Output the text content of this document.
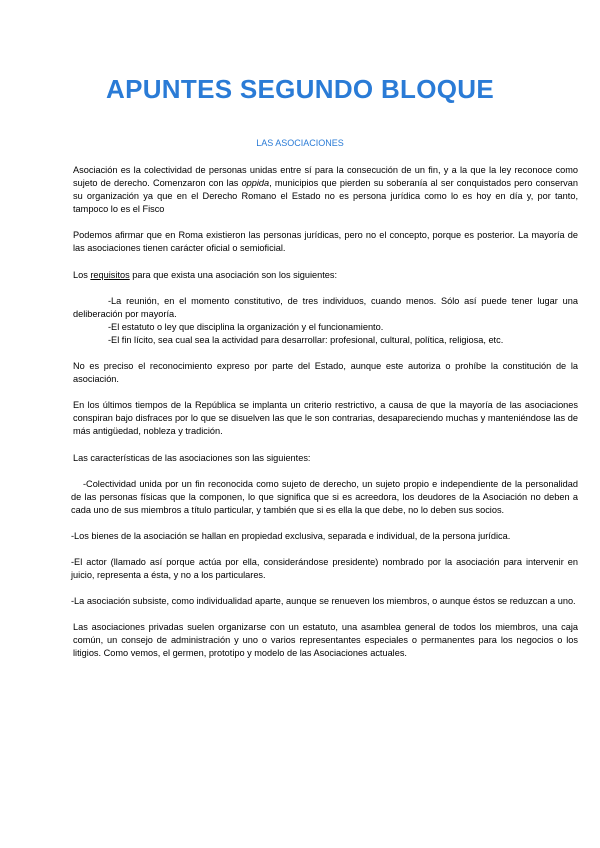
APUNTES SEGUNDO BLOQUE
LAS ASOCIACIONES

Asociación es la colectividad de personas unidas entre sí para la consecución de un fin, y a la que la ley reconoce como sujeto de derecho. Comenzaron con las oppida, municipios que pierden su soberanía al ser conquistados pero conservan su organización ya que en el Derecho Romano el Estado no es persona jurídica como lo es hoy en día y, por tanto, tampoco lo es el Fisco

Podemos afirmar que en Roma existieron las personas jurídicas, pero no el concepto, porque es posterior. La mayoría de las asociaciones tienen carácter oficial o semioficial.

Los requisitos para que exista una asociación son los siguientes:

-La reunión, en el momento constitutivo, de tres individuos, cuando menos. Sólo así puede tener lugar una deliberación por mayoría.

-El estatuto o ley que disciplina la organización y el funcionamiento.

-El fin lícito, sea cual sea la actividad para desarrollar: profesional, cultural, política, religiosa, etc.

No es preciso el reconocimiento expreso por parte del Estado, aunque este autoriza o prohíbe la constitución de la asociación.

En los últimos tiempos de la República se implanta un criterio restrictivo, a causa de que la mayoría de las asociaciones conspiran bajo disfraces por lo que se disuelven las que le son contrarias, desapareciendo muchas y manteniéndose las de más antigüedad, nobleza y tradición.

Las características de las asociaciones son las siguientes:

-Colectividad unida por un fin reconocida como sujeto de derecho, un sujeto propio e independiente de la personalidad de las personas físicas que la componen, lo que significa que si es acreedora, los deudores de la Asociación no deben a cada uno de sus miembros a título particular, y también que si es ella la que debe, no lo deben sus socios.

-Los bienes de la asociación se hallan en propiedad exclusiva, separada e individual, de la persona jurídica.

-El actor (llamado así porque actúa por ella, considerándose presidente) nombrado por la asociación para intervenir en juicio, representa a ésta, y no a los particulares.

-La asociación subsiste, como individualidad aparte, aunque se renueven los miembros, o aunque éstos se reduzcan a uno.

Las asociaciones privadas suelen organizarse con un estatuto, una asamblea general de todos los miembros, una caja común, un consejo de administración y uno o varios representantes especiales o permanentes para los negocios o los litigios. Como vemos, el germen, prototipo y modelo de las Asociaciones actuales.
